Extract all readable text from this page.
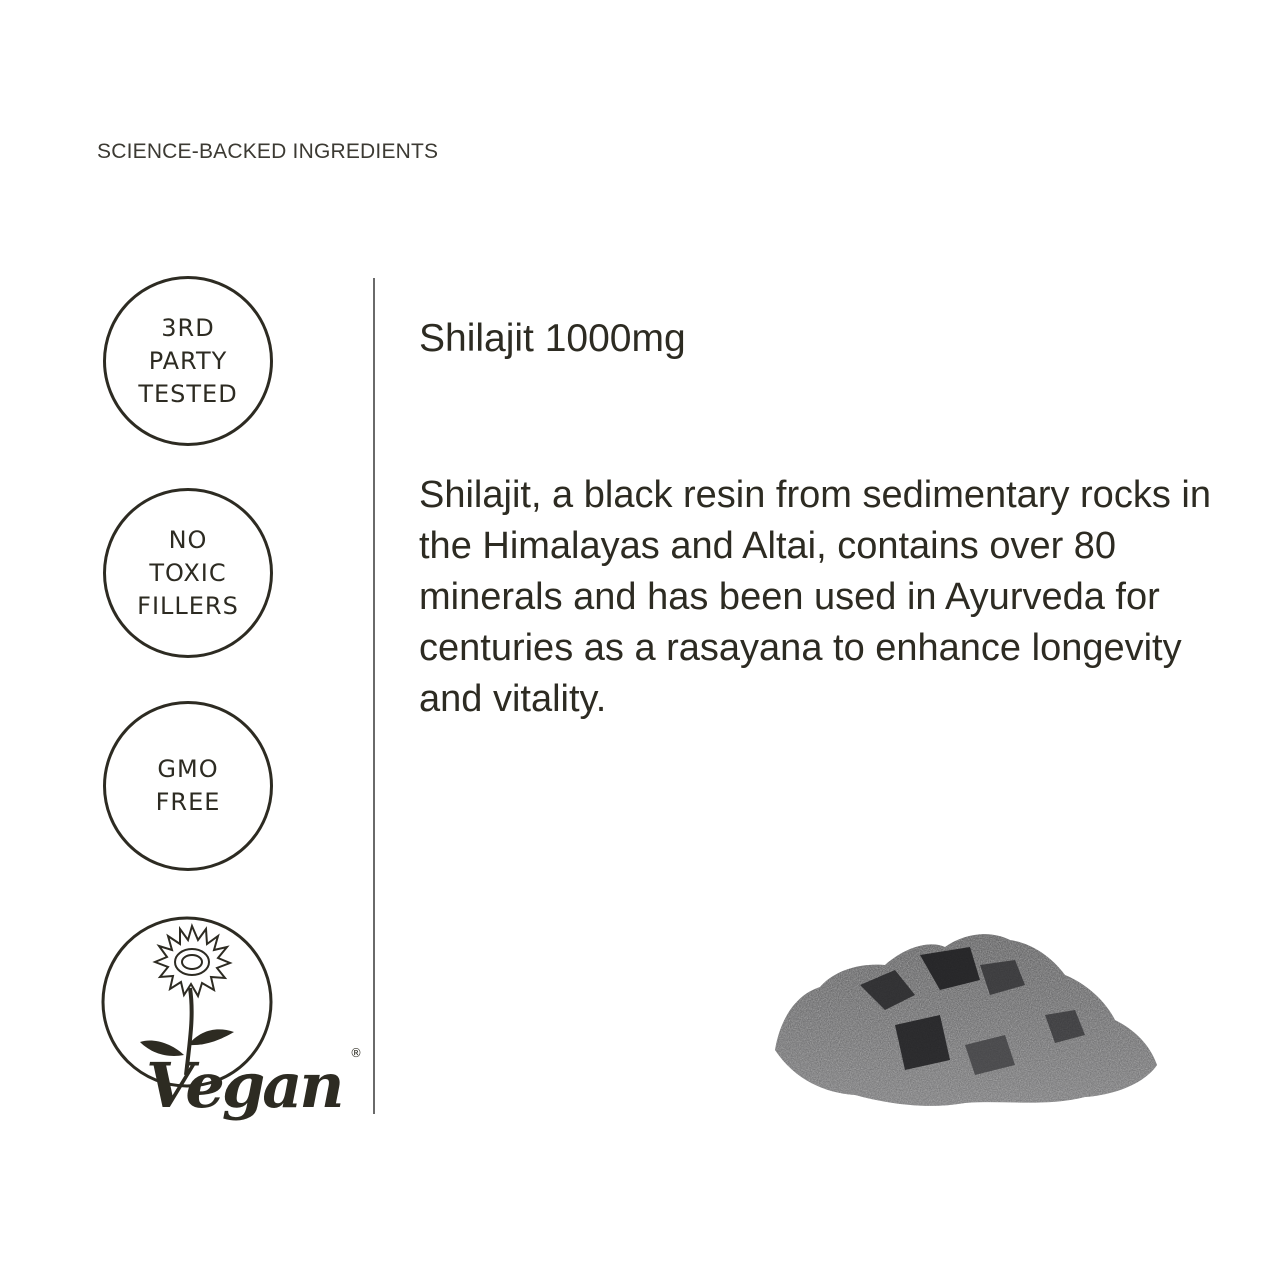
SCIENCE-BACKED INGREDIENTS
3RD
PARTY
TESTED
NO
TOXIC
FILLERS
GMO
FREE
Vegan ®
Shilajit 1000mg
Shilajit, a black resin from sedimentary rocks in the Himalayas and Altai, contains over 80 minerals and has been used in Ayurveda for centuries as a rasayana to enhance longevity and vitality.
